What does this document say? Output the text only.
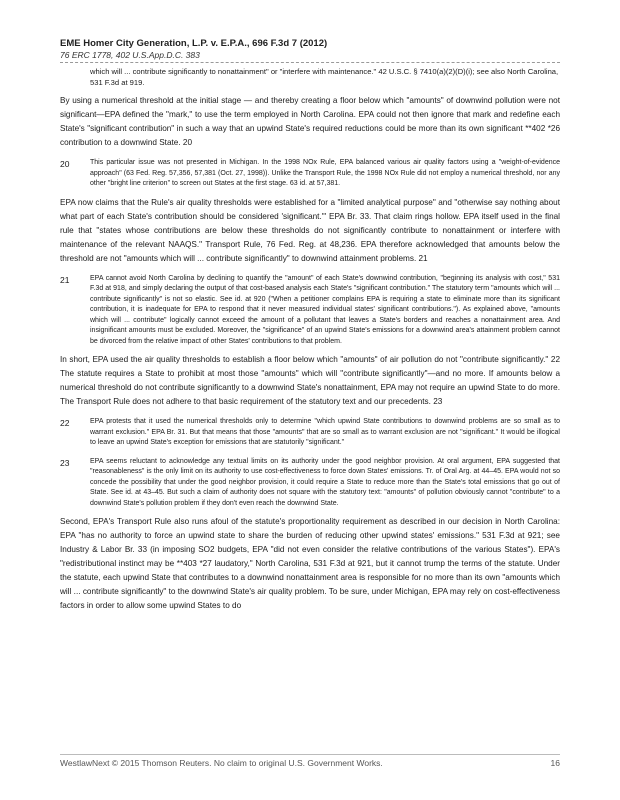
EME Homer City Generation, L.P. v. E.P.A., 696 F.3d 7 (2012)
76 ERC 1778, 402 U.S.App.D.C. 383
which will ... contribute significantly to nonattainment" or "interfere with maintenance." 42 U.S.C. § 7410(a)(2)(D)(i); see also North Carolina, 531 F.3d at 919.
By using a numerical threshold at the initial stage — and thereby creating a floor below which "amounts" of downwind pollution were not significant—EPA defined the "mark," to use the term employed in North Carolina. EPA could not then ignore that mark and redefine each State's "significant contribution" in such a way that an upwind State's required reductions could be more than its own significant **402 *26 contribution to a downwind State. 20
20	This particular issue was not presented in Michigan. In the 1998 NOx Rule, EPA balanced various air quality factors using a "weight-of-evidence approach" (63 Fed. Reg. 57,356, 57,381 (Oct. 27, 1998)). Unlike the Transport Rule, the 1998 NOx Rule did not employ a numerical threshold, nor any other "bright line criterion" to screen out States at the first stage. 63 id. at 57,381.
EPA now claims that the Rule's air quality thresholds were established for a "limited analytical purpose" and "otherwise say nothing about what part of each State's contribution should be considered 'significant.'" EPA Br. 33. That claim rings hollow. EPA itself used in the final rule that "states whose contributions are below these thresholds do not significantly contribute to nonattainment or interfere with maintenance of the relevant NAAQS." Transport Rule, 76 Fed. Reg. at 48,236. EPA therefore acknowledged that amounts below the threshold are not "amounts which will ... contribute significantly" to downwind attainment problems. 21
21	EPA cannot avoid North Carolina by declining to quantify the "amount" of each State's downwind contribution, "beginning its analysis with cost," 531 F.3d at 918, and simply declaring the output of that cost-based analysis each State's "significant contribution." The statutory term "amounts which will ... contribute significantly" is not so elastic. See id. at 920 ("When a petitioner complains EPA is requiring a state to eliminate more than its significant contribution, it is inadequate for EPA to respond that it never measured individual states' significant contributions."). As explained above, "amounts which will ... contribute" logically cannot exceed the amount of a pollutant that leaves a State's borders and reaches a nonattainment area. And insignificant amounts must be excluded. Moreover, the "significance" of an upwind State's emissions for a downwind area's attainment problem cannot be divorced from the relative impact of other States' contributions to that problem.
In short, EPA used the air quality thresholds to establish a floor below which "amounts" of air pollution do not "contribute significantly." 22 The statute requires a State to prohibit at most those "amounts" which will "contribute significantly"—and no more. If amounts below a numerical threshold do not contribute significantly to a downwind State's nonattainment, EPA may not require an upwind State to do more. The Transport Rule does not adhere to that basic requirement of the statutory text and our precedents. 23
22	EPA protests that it used the numerical thresholds only to determine "which upwind State contributions to downwind problems are so small as to warrant exclusion." EPA Br. 31. But that means that those "amounts" that are so small as to warrant exclusion are not "significant." It would be illogical to leave an upwind State's exception for emissions that are statutorily "significant."
23	EPA seems reluctant to acknowledge any textual limits on its authority under the good neighbor provision. At oral argument, EPA suggested that "reasonableness" is the only limit on its authority to use cost-effectiveness to force down States' emissions. Tr. of Oral Arg. at 44–45. EPA would not so concede the possibility that under the good neighbor provision, it could require a State to reduce more than the State's total emissions that go out of State. See id. at 43–45. But such a claim of authority does not square with the statutory text: "amounts" of pollution obviously cannot "contribute" to a downwind State's pollution problem if they don't even reach the downwind State.
Second, EPA's Transport Rule also runs afoul of the statute's proportionality requirement as described in our decision in North Carolina: EPA "has no authority to force an upwind state to share the burden of reducing other upwind states' emissions." 531 F.3d at 921; see Industry & Labor Br. 33 (in imposing SO2 budgets, EPA "did not even consider the relative contributions of the various States"). EPA's "redistributional instinct may be **403 *27 laudatory," North Carolina, 531 F.3d at 921, but it cannot trump the terms of the statute. Under the statute, each upwind State that contributes to a downwind nonattainment area is responsible for no more than its own "amounts which will ... contribute significantly" to the downwind State's air quality problem. To be sure, under Michigan, EPA may rely on cost-effectiveness factors in order to allow some upwind States to do
WestlawNext © 2015 Thomson Reuters. No claim to original U.S. Government Works.	16
